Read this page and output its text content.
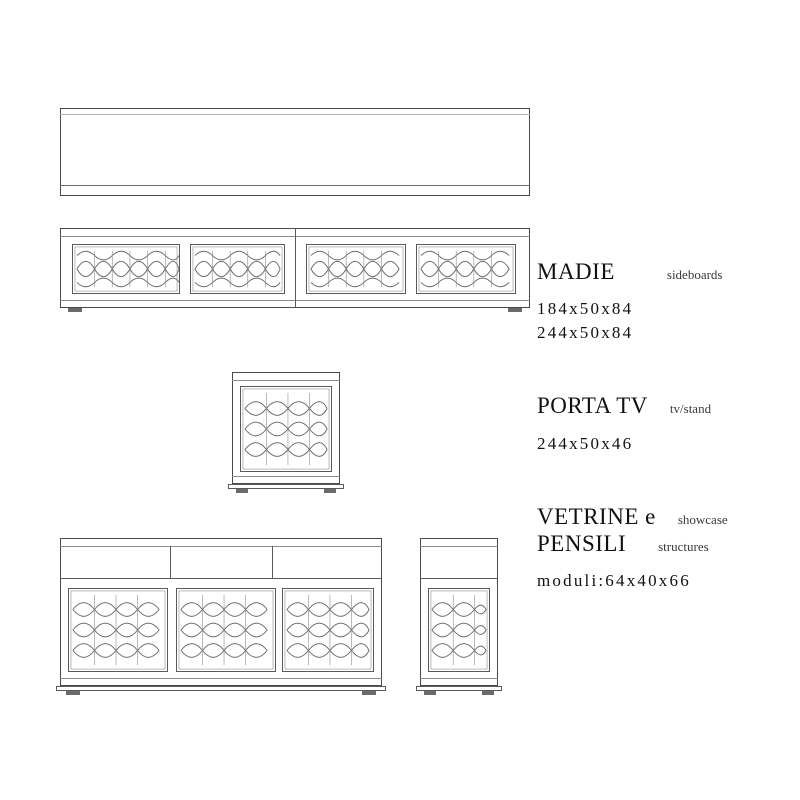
MADIE	sideboards
184x50x84
244x50x84
PORTA TV tv/stand
244x50x46
VETRINE e showcase
PENSILI structures
moduli:64x40x66
